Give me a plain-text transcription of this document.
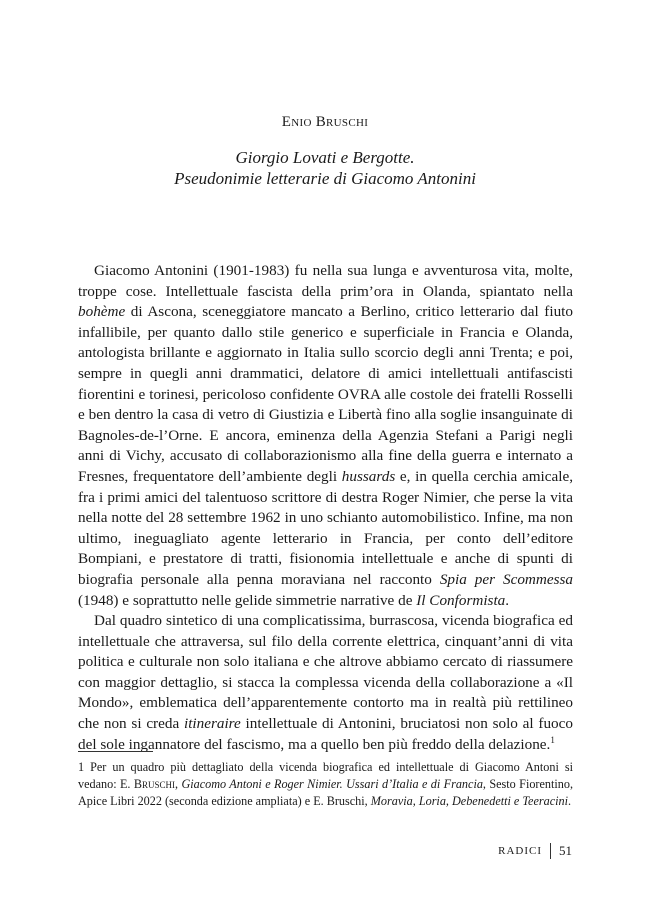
Enio Bruschi
Giorgio Lovati e Bergotte.
Pseudonimie letterarie di Giacomo Antonini

Giacomo Antonini (1901-1983) fu nella sua lunga e avventurosa vita, molte, troppe cose. Intellettuale fascista della prim’ora in Olanda, spiantato nella bohème di Ascona, sceneggiatore mancato a Berlino, critico letterario dal fiuto infallibile, per quanto dallo stile generico e superficiale in Francia e Olanda, antologista brillante e aggiornato in Italia sullo scorcio degli anni Trenta; e poi, sempre in quegli anni drammatici, delatore di amici intellettuali antifascisti fiorentini e torinesi, pericoloso confidente OVRA alle costole dei fratelli Rosselli e ben dentro la casa di vetro di Giustizia e Libertà fino alla soglie insanguinate di Bagnoles-de-l’Orne. E ancora, eminenza della Agenzia Stefani a Parigi negli anni di Vichy, accusato di collaborazionismo alla fine della guerra e internato a Fresnes, frequentatore dell’ambiente degli hussards e, in quella cerchia amicale, fra i primi amici del talentuoso scrittore di destra Roger Nimier, che perse la vita nella notte del 28 settembre 1962 in uno schianto automobilistico. Infine, ma non ultimo, ineguagliato agente letterario in Francia, per conto dell’editore Bompiani, e prestatore di tratti, fisionomia intellettuale e anche di spunti di biografia personale alla penna moraviana nel racconto Spia per Scommessa (1948) e soprattutto nelle gelide simmetrie narrative de Il Conformista.

Dal quadro sintetico di una complicatissima, burrascosa, vicenda biografica ed intellettuale che attraversa, sul filo della corrente elettrica, cinquant’anni di vita politica e culturale non solo italiana e che altrove abbiamo cercato di riassumere con maggior dettaglio, si stacca la complessa vicenda della collaborazione a «Il Mondo», emblematica dell’apparentemente contorto ma in realtà più rettilineo che non si creda itineraire intellettuale di Antonini, bruciatosi non solo al fuoco del sole ingannatore del fascismo, ma a quello ben più freddo della delazione.$^1$

1 Per un quadro più dettagliato della vicenda biografica ed intellettuale di Giacomo Antoni si vedano: E. Bruschi, Giacomo Antoni e Roger Nimier. Ussari d’Italia e di Francia, Sesto Fiorentino, Apice Libri 2022 (seconda edizione ampliata) e E. Bruschi, Moravia, Loria, Debenedetti e Teeracini.

RADICI 51
